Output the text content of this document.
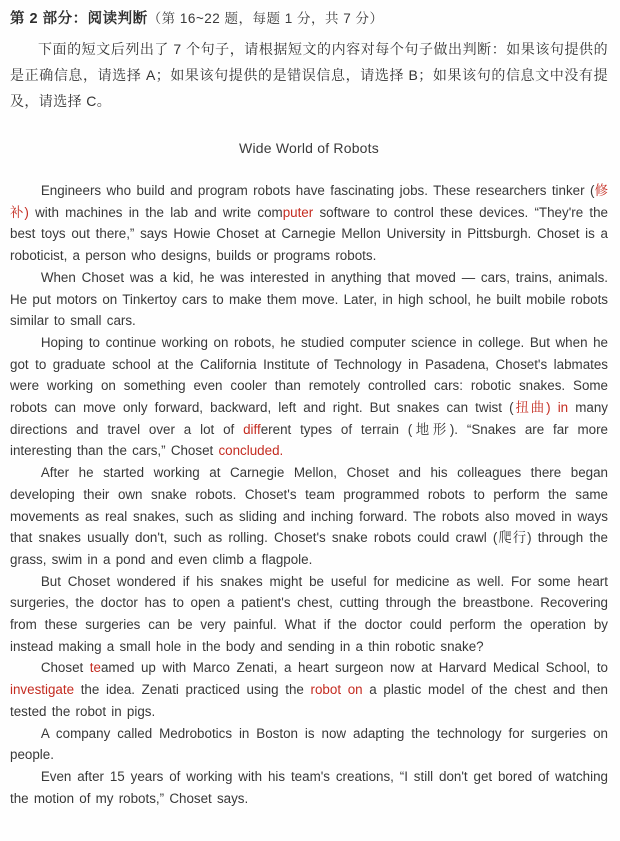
第 2 部分：阅读判断（第 16~22 题，每题 1 分，共 7 分）

下面的短文后列出了 7 个句子，请根据短文的内容对每个句子做出判断：如果该句提供的是正确信息，请选择 A；如果该句提供的是错误信息，请选择 B；如果该句的信息文中没有提及，请选择 C。

Wide World of Robots

Engineers who build and program robots have fascinating jobs. These researchers tinker (修补) with machines in the lab and write computer software to control these devices. “They're the best toys out there,” says Howie Choset at Carnegie Mellon University in Pittsburgh. Choset is a roboticist, a person who designs, builds or programs robots.

When Choset was a kid, he was interested in anything that moved — cars, trains, animals. He put motors on Tinkertoy cars to make them move. Later, in high school, he built mobile robots similar to small cars.

Hoping to continue working on robots, he studied computer science in college. But when he got to graduate school at the California Institute of Technology in Pasadena, Choset's labmates were working on something even cooler than remotely controlled cars: robotic snakes. Some robots can move only forward, backward, left and right. But snakes can twist (扭曲) in many directions and travel over a lot of different types of terrain (地形). “Snakes are far more interesting than the cars,” Choset concluded.

After he started working at Carnegie Mellon, Choset and his colleagues there began developing their own snake robots. Choset's team programmed robots to perform the same movements as real snakes, such as sliding and inching forward. The robots also moved in ways that snakes usually don't, such as rolling. Choset's snake robots could crawl (爬行) through the grass, swim in a pond and even climb a flagpole.

But Choset wondered if his snakes might be useful for medicine as well. For some heart surgeries, the doctor has to open a patient's chest, cutting through the breastbone. Recovering from these surgeries can be very painful. What if the doctor could perform the operation by instead making a small hole in the body and sending in a thin robotic snake?

Choset teamed up with Marco Zenati, a heart surgeon now at Harvard Medical School, to investigate the idea. Zenati practiced using the robot on a plastic model of the chest and then tested the robot in pigs.

A company called Medrobotics in Boston is now adapting the technology for surgeries on people.

Even after 15 years of working with his team's creations, “I still don't get bored of watching the motion of my robots,” Choset says.
